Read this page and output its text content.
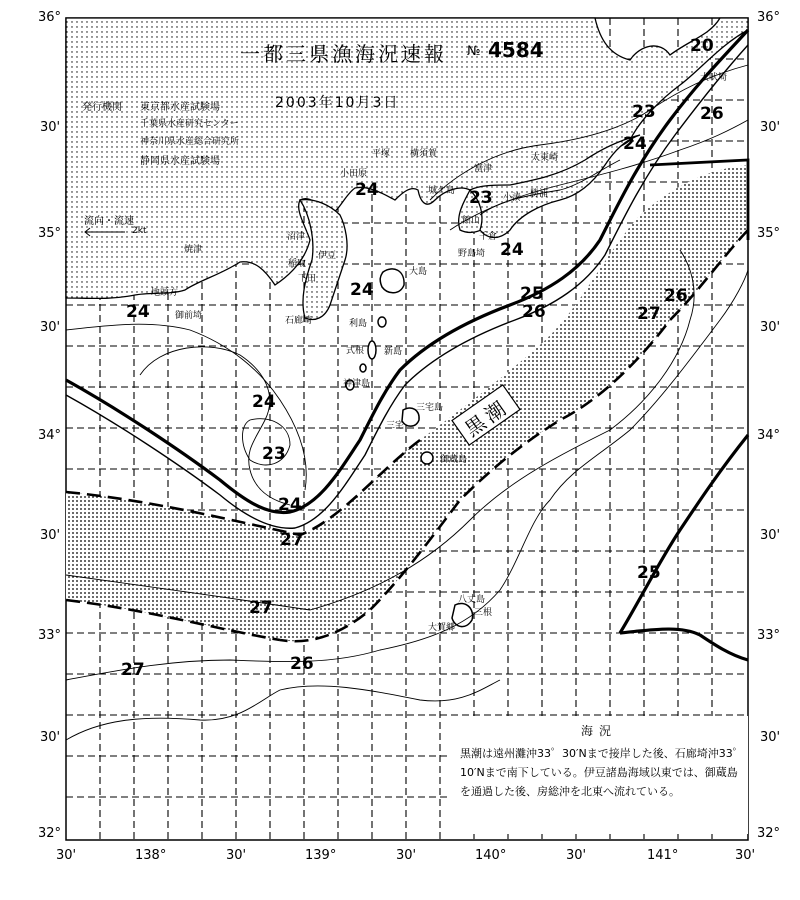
一都三県漁海況速報 № 4584
発行機関 東京都水産試験場
千葉県水産研究センター
神奈川県水産総合研究所
静岡県水産試験場
2003年10月3日
流向・流速
2kt
黒潮
36°
30'
35°
30'
34°
30'
33°
30'
32°
36°
30'
35°
30'
34°
30'
33°
30'
32°
30'	138°	30'	139°	30'	140°	30'	141°	30'
20
23	26
24
24	23
24
24	25
26	27
26
24
24
23
24
27
25
27
27	26
犬吠埼
太東崎
勝浦
小湊
富津
横須賀
平塚
小田原
館山
千倉
野島埼
城ケ島
大島
利島
神津島
三宅島
御蔵島
八丈島
三根
大賀郷
沼津
焼津
御前埼
地頭方
伊豆
稲取
下田
石廊崎
式根
三宅
新島
海況
黒潮は遠州灘沖33゜30′Nまで接岸した後、石廊埼沖33゜10′Nまで南下している。伊豆諸島海域以東では、御蔵島を通過した後、房総沖を北東へ流れている。
